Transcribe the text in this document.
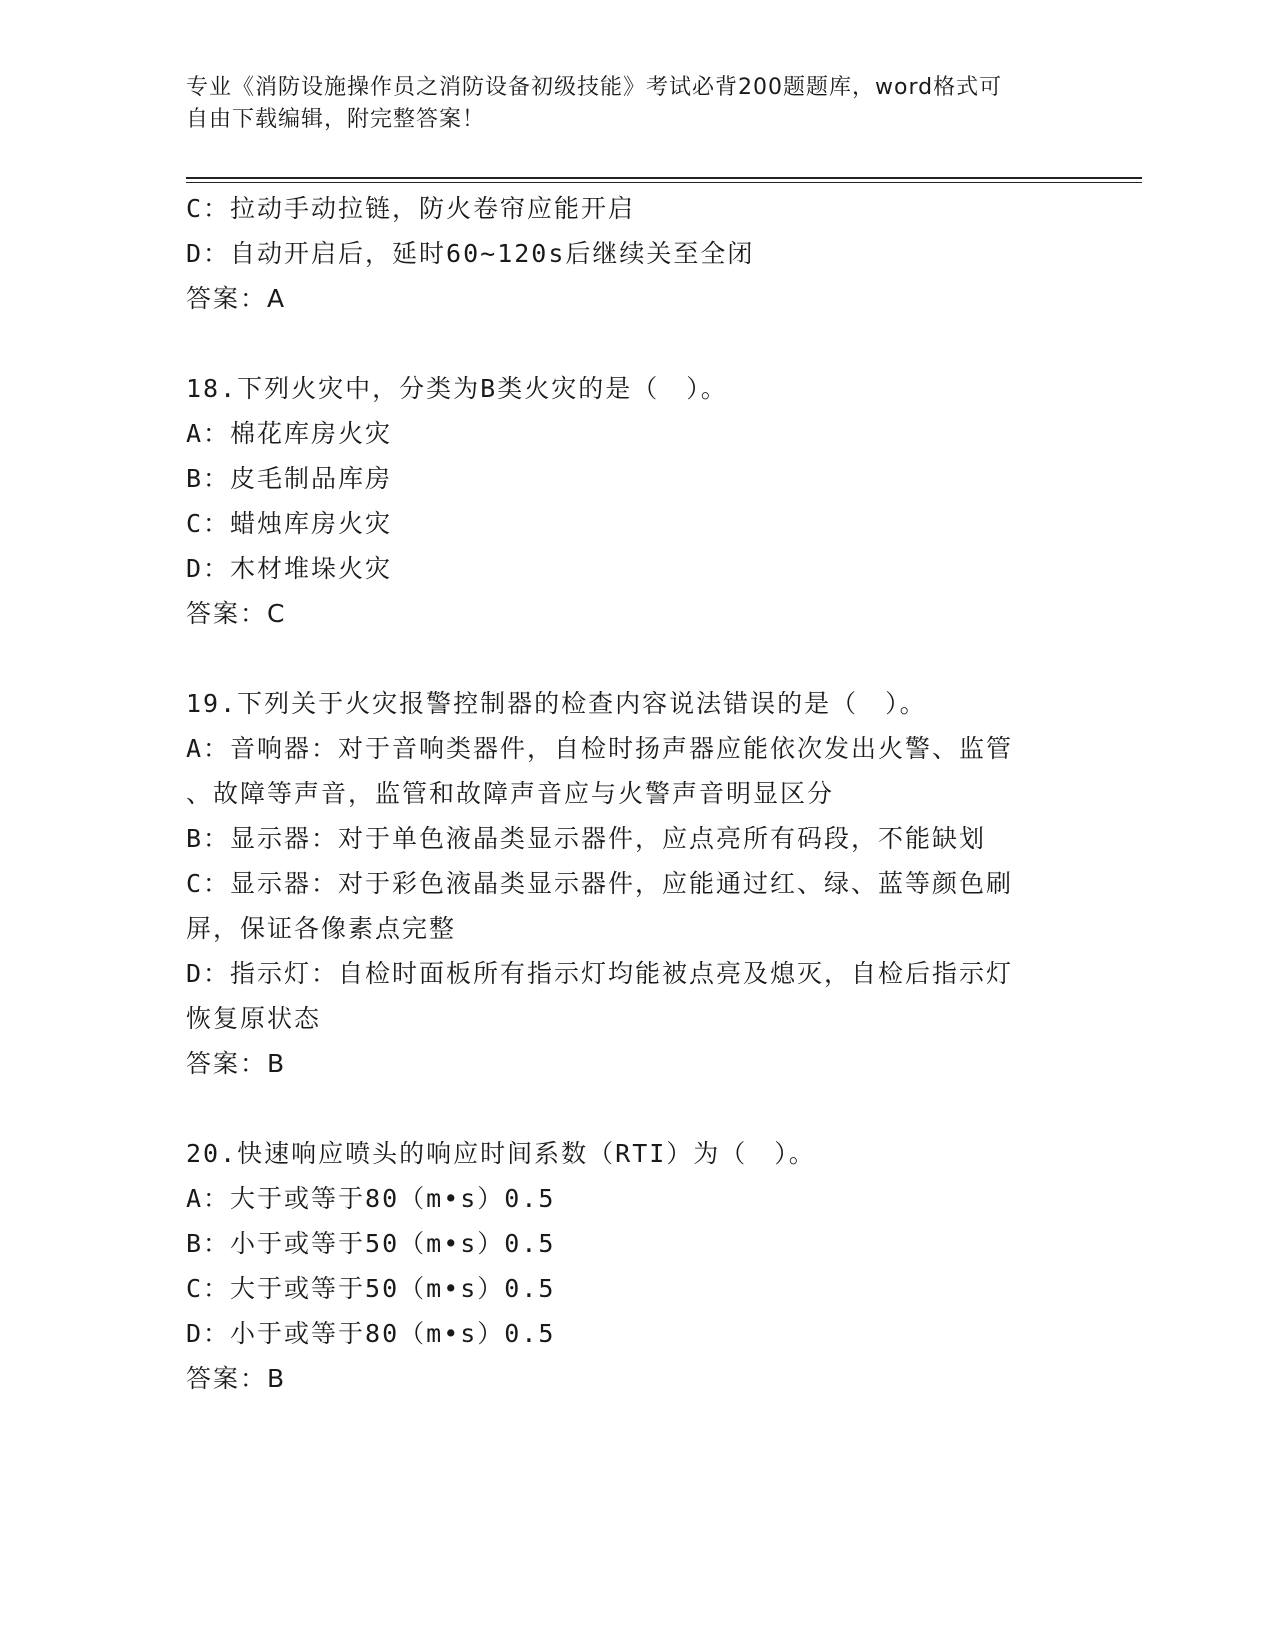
专业《消防设施操作员之消防设备初级技能》考试必背200题题库，word格式可
自由下载编辑，附完整答案！
C：拉动手动拉链，防火卷帘应能开启
D：自动开启后，延时60~120s后继续关至全闭
答案：A
18.下列火灾中，分类为B类火灾的是（　）。
A：棉花库房火灾
B：皮毛制品库房
C：蜡烛库房火灾
D：木材堆垛火灾
答案：C
19.下列关于火灾报警控制器的检查内容说法错误的是（　）。
A：音响器：对于音响类器件，自检时扬声器应能依次发出火警、监管
、故障等声音，监管和故障声音应与火警声音明显区分
B：显示器：对于单色液晶类显示器件，应点亮所有码段，不能缺划
C：显示器：对于彩色液晶类显示器件，应能通过红、绿、蓝等颜色刷
屏，保证各像素点完整
D：指示灯：自检时面板所有指示灯均能被点亮及熄灭，自检后指示灯
恢复原状态
答案：B
20.快速响应喷头的响应时间系数（RTI）为（　）。
A：大于或等于80（m•s）0.5
B：小于或等于50（m•s）0.5
C：大于或等于50（m•s）0.5
D：小于或等于80（m•s）0.5
答案：B
